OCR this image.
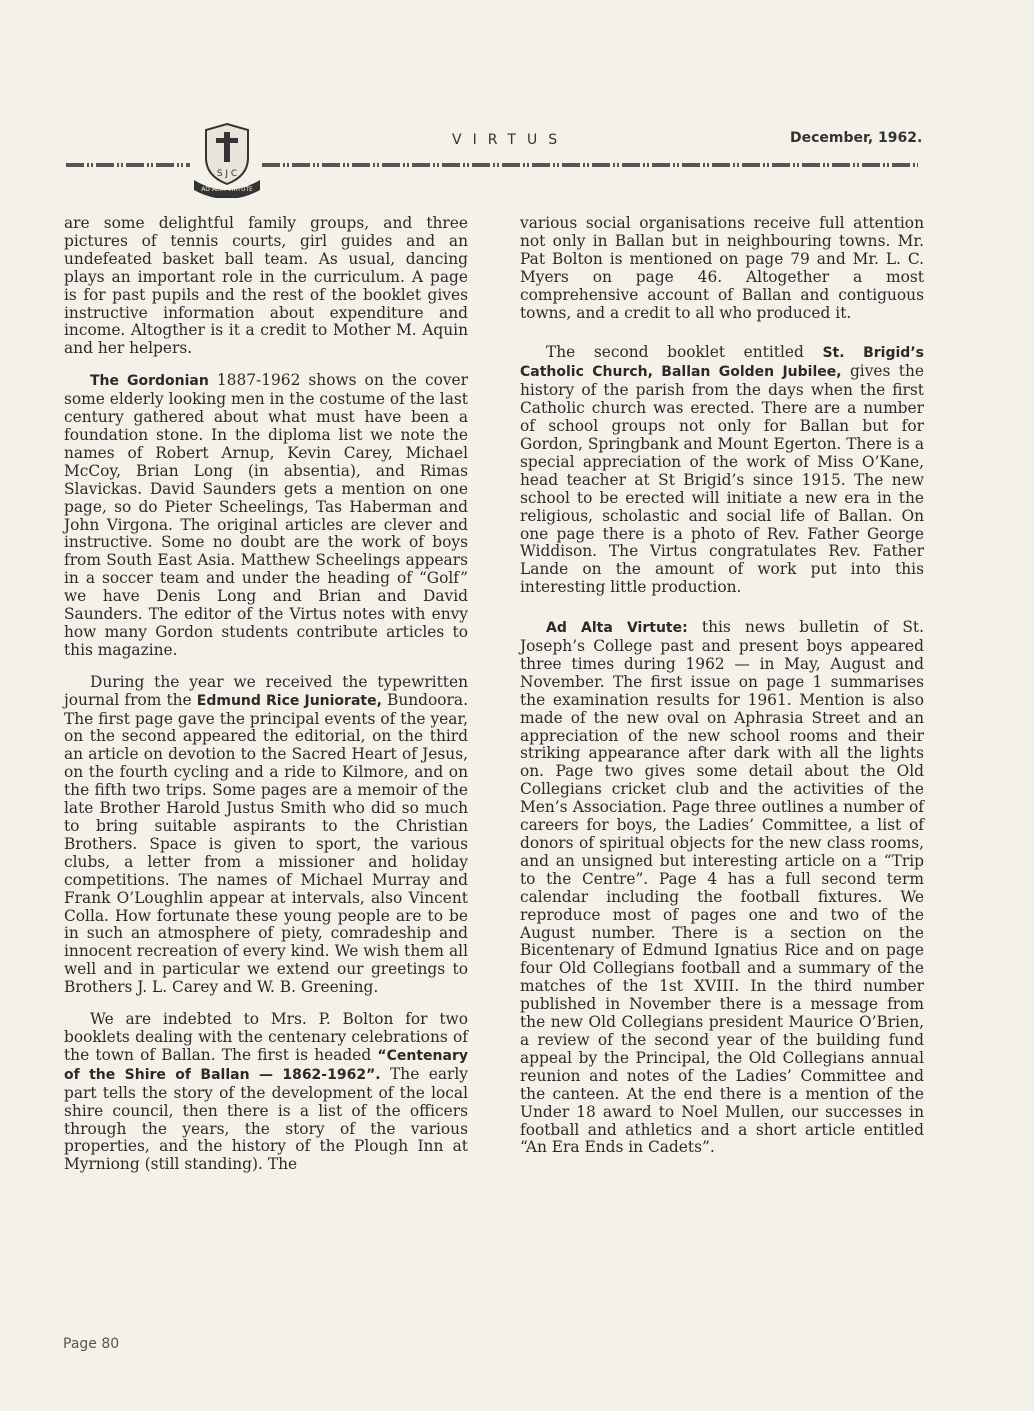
S J C
AD ALTA VIRTUTE
VIRTUS	December, 1962.

are some delightful family groups, and three pictures of tennis courts, girl guides and an undefeated basket ball team. As usual, dancing plays an important role in the curriculum. A page is for past pupils and the rest of the booklet gives instructive information about expenditure and income. Altogther is it a credit to Mother M. Aquin and her helpers.

The Gordonian 1887-1962 shows on the cover some elderly looking men in the costume of the last century gathered about what must have been a foundation stone. In the diploma list we note the names of Robert Arnup, Kevin Carey, Michael McCoy, Brian Long (in absentia), and Rimas Slavickas. David Saunders gets a mention on one page, so do Pieter Scheelings, Tas Haberman and John Virgona. The original articles are clever and instructive. Some no doubt are the work of boys from South East Asia. Matthew Scheelings appears in a soccer team and under the heading of “Golf” we have Denis Long and Brian and David Saunders. The editor of the Virtus notes with envy how many Gordon students contribute articles to this magazine.

During the year we received the typewritten journal from the Edmund Rice Juniorate, Bundoora. The first page gave the principal events of the year, on the second appeared the editorial, on the third an article on devotion to the Sacred Heart of Jesus, on the fourth cycling and a ride to Kilmore, and on the fifth two trips. Some pages are a memoir of the late Brother Harold Justus Smith who did so much to bring suitable aspirants to the Christian Brothers. Space is given to sport, the various clubs, a letter from a missioner and holiday competitions. The names of Michael Murray and Frank O’Loughlin appear at intervals, also Vincent Colla. How fortunate these young people are to be in such an atmosphere of piety, comradeship and innocent recreation of every kind. We wish them all well and in particular we extend our greetings to Brothers J. L. Carey and W. B. Greening.

We are indebted to Mrs. P. Bolton for two booklets dealing with the centenary celebrations of the town of Ballan. The first is headed “Centenary of the Shire of Ballan — 1862-1962”. The early part tells the story of the development of the local shire council, then there is a list of the officers through the years, the story of the various properties, and the history of the Plough Inn at Myrniong (still standing). The

various social organisations receive full attention not only in Ballan but in neighbouring towns. Mr. Pat Bolton is mentioned on page 79 and Mr. L. C. Myers on page 46. Altogether a most comprehensive account of Ballan and contiguous towns, and a credit to all who produced it.

The second booklet entitled St. Brigid’s Catholic Church, Ballan Golden Jubilee, gives the history of the parish from the days when the first Catholic church was erected. There are a number of school groups not only for Ballan but for Gordon, Springbank and Mount Egerton. There is a special appreciation of the work of Miss O’Kane, head teacher at St Brigid’s since 1915. The new school to be erected will initiate a new era in the religious, scholastic and social life of Ballan. On one page there is a photo of Rev. Father George Widdison. The Virtus congratulates Rev. Father Lande on the amount of work put into this interesting little production.

Ad Alta Virtute: this news bulletin of St. Joseph’s College past and present boys appeared three times during 1962 — in May, August and November. The first issue on page 1 summarises the examination results for 1961. Mention is also made of the new oval on Aphrasia Street and an appreciation of the new school rooms and their striking appearance after dark with all the lights on. Page two gives some detail about the Old Collegians cricket club and the activities of the Men’s Association. Page three outlines a number of careers for boys, the Ladies’ Committee, a list of donors of spiritual objects for the new class rooms, and an unsigned but interesting article on a “Trip to the Centre”. Page 4 has a full second term calendar including the football fixtures. We reproduce most of pages one and two of the August number. There is a section on the Bicentenary of Edmund Ignatius Rice and on page four Old Collegians football and a summary of the matches of the 1st XVIII. In the third number published in November there is a message from the new Old Collegians president Maurice O’Brien, a review of the second year of the building fund appeal by the Principal, the Old Collegians annual reunion and notes of the Ladies’ Committee and the canteen. At the end there is a mention of the Under 18 award to Noel Mullen, our successes in football and athletics and a short article entitled “An Era Ends in Cadets”.

Page 80
